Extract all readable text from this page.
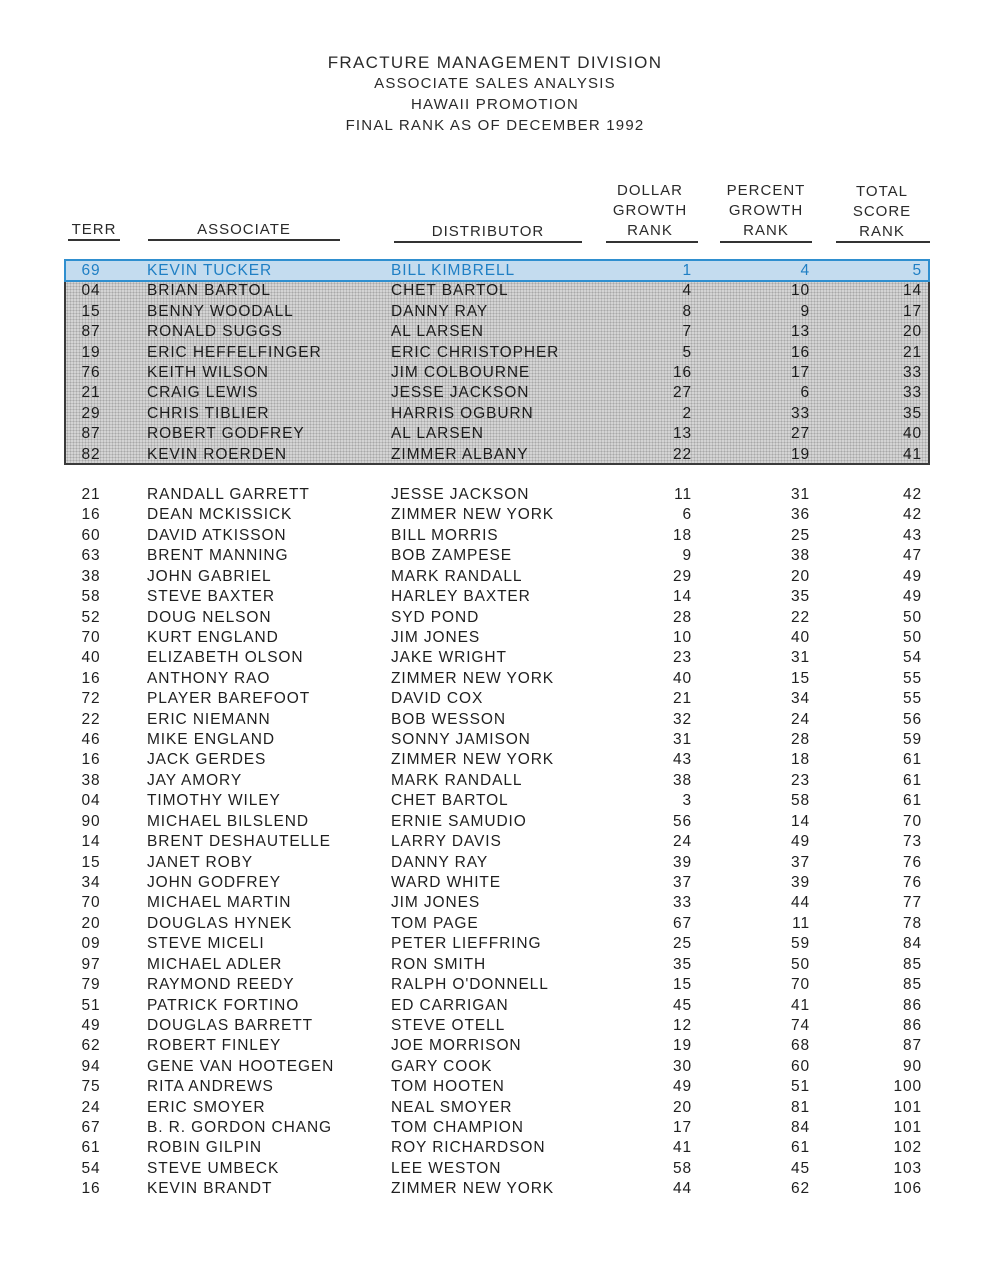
FRACTURE MANAGEMENT DIVISION
ASSOCIATE SALES ANALYSIS
HAWAII PROMOTION
FINAL RANK AS OF DECEMBER 1992
TERR	ASSOCIATE	DISTRIBUTOR
DOLLAR
GROWTH
RANK
PERCENT
GROWTH
RANK
TOTAL
SCORE
RANK
69	KEVIN TUCKER	BILL KIMBRELL	1	4	5
04	BRIAN BARTOL	CHET BARTOL	4	10	14
15	BENNY WOODALL	DANNY RAY	8	9	17
87	RONALD SUGGS	AL LARSEN	7	13	20
19	ERIC HEFFELFINGER	ERIC CHRISTOPHER	5	16	21
76	KEITH WILSON	JIM COLBOURNE	16	17	33
21	CRAIG LEWIS	JESSE JACKSON	27	6	33
29	CHRIS TIBLIER	HARRIS OGBURN	2	33	35
87	ROBERT GODFREY	AL LARSEN	13	27	40
82	KEVIN ROERDEN	ZIMMER ALBANY	22	19	41
21	RANDALL GARRETT	JESSE JACKSON	11	31	42
16	DEAN MCKISSICK	ZIMMER NEW YORK	6	36	42
60	DAVID ATKISSON	BILL MORRIS	18	25	43
63	BRENT MANNING	BOB ZAMPESE	9	38	47
38	JOHN GABRIEL	MARK RANDALL	29	20	49
58	STEVE BAXTER	HARLEY BAXTER	14	35	49
52	DOUG NELSON	SYD POND	28	22	50
70	KURT ENGLAND	JIM JONES	10	40	50
40	ELIZABETH OLSON	JAKE WRIGHT	23	31	54
16	ANTHONY RAO	ZIMMER NEW YORK	40	15	55
72	PLAYER BAREFOOT	DAVID COX	21	34	55
22	ERIC NIEMANN	BOB WESSON	32	24	56
46	MIKE ENGLAND	SONNY JAMISON	31	28	59
16	JACK GERDES	ZIMMER NEW YORK	43	18	61
38	JAY AMORY	MARK RANDALL	38	23	61
04	TIMOTHY WILEY	CHET BARTOL	3	58	61
90	MICHAEL BILSLEND	ERNIE SAMUDIO	56	14	70
14	BRENT DESHAUTELLE	LARRY DAVIS	24	49	73
15	JANET ROBY	DANNY RAY	39	37	76
34	JOHN GODFREY	WARD WHITE	37	39	76
70	MICHAEL MARTIN	JIM JONES	33	44	77
20	DOUGLAS HYNEK	TOM PAGE	67	11	78
09	STEVE MICELI	PETER LIEFFRING	25	59	84
97	MICHAEL ADLER	RON SMITH	35	50	85
79	RAYMOND REEDY	RALPH O'DONNELL	15	70	85
51	PATRICK FORTINO	ED CARRIGAN	45	41	86
49	DOUGLAS BARRETT	STEVE OTELL	12	74	86
62	ROBERT FINLEY	JOE MORRISON	19	68	87
94	GENE VAN HOOTEGEN	GARY COOK	30	60	90
75	RITA ANDREWS	TOM HOOTEN	49	51	100
24	ERIC SMOYER	NEAL SMOYER	20	81	101
67	B. R. GORDON CHANG	TOM CHAMPION	17	84	101
61	ROBIN GILPIN	ROY RICHARDSON	41	61	102
54	STEVE UMBECK	LEE WESTON	58	45	103
16	KEVIN BRANDT	ZIMMER NEW YORK	44	62	106
